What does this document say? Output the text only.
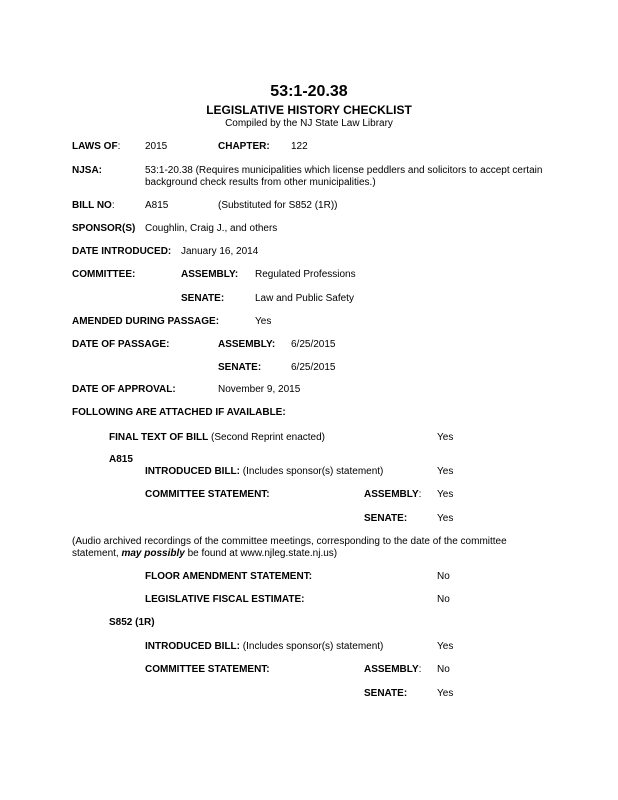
53:1-20.38
LEGISLATIVE HISTORY CHECKLIST
Compiled by the NJ State Law Library
LAWS OF: 2015	CHAPTER: 122
NJSA:	53:1-20.38 (Requires municipalities which license peddlers and solicitors to accept certain
background check results from other municipalities.)
BILL NO:	A815	(Substituted for S852 (1R))
SPONSOR(S) Coughlin, Craig J., and others
DATE INTRODUCED: January 16, 2014
COMMITTEE:	ASSEMBLY: Regulated Professions
SENATE:	Law and Public Safety
AMENDED DURING PASSAGE:	Yes
DATE OF PASSAGE:	ASSEMBLY: 6/25/2015
SENATE:	6/25/2015
DATE OF APPROVAL:	November 9, 2015
FOLLOWING ARE ATTACHED IF AVAILABLE:
FINAL TEXT OF BILL (Second Reprint enacted)	Yes
A815
INTRODUCED BILL: (Includes sponsor(s) statement)	Yes
COMMITTEE STATEMENT:	ASSEMBLY: Yes
SENATE:	Yes
(Audio archived recordings of the committee meetings, corresponding to the date of the committee
statement, may possibly be found at www.njleg.state.nj.us)
FLOOR AMENDMENT STATEMENT:	No
LEGISLATIVE FISCAL ESTIMATE:	No
S852 (1R)
INTRODUCED BILL: (Includes sponsor(s) statement)	Yes
COMMITTEE STATEMENT:	ASSEMBLY: No
SENATE:	Yes
